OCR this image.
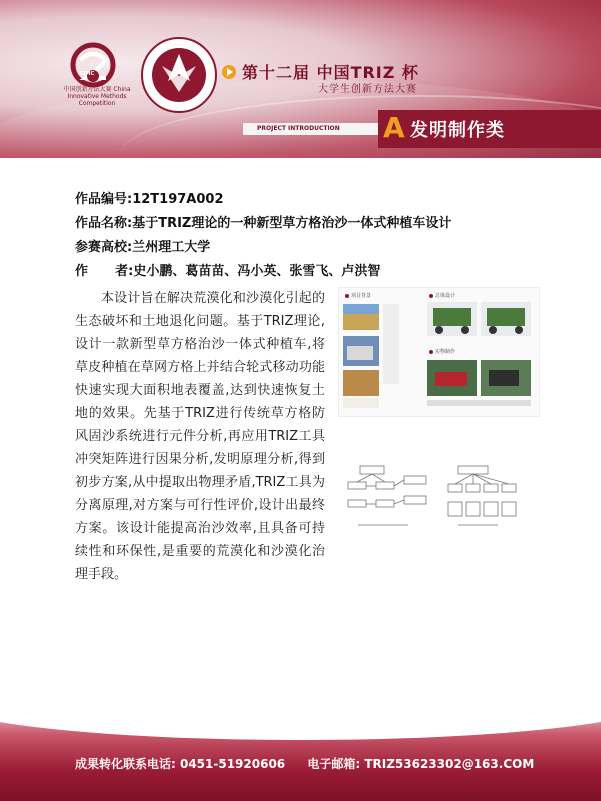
CIMC
中国创新方法大赛 China Innovative Methods Competition
第十二届 中国TRIZ 杯
大学生创新方法大赛
PROJECT INTRODUCTION	A 发明制作类
作品编号:12T197A002
作品名称:基于TRIZ理论的一种新型草方格治沙一体式种植车设计
参赛高校:兰州理工大学
作      者:史小鹏、葛苗苗、冯小英、张雪飞、卢洪智
本设计旨在解决荒漠化和沙漠化引起的生态破坏和土地退化问题。基于TRIZ理论,设计一款新型草方格治沙一体式种植车,将草皮种植在草网方格上并结合轮式移动功能快速实现大面积地表覆盖,达到快速恢复土地的效果。先基于TRIZ进行传统草方格防风固沙系统进行元件分析,再应用TRIZ工具冲突矩阵进行因果分析,发明原理分析,得到初步方案,从中提取出物理矛盾,TRIZ工具为分离原理,对方案与可行性评价,设计出最终方案。该设计能提高治沙效率,且具备可持续性和环保性,是重要的荒漠化和沙漠化治理手段。
项目背景	总体设计
实物制作
成果转化联系电话: 0451-51920606 电子邮箱: TRIZ53623302@163.COM
